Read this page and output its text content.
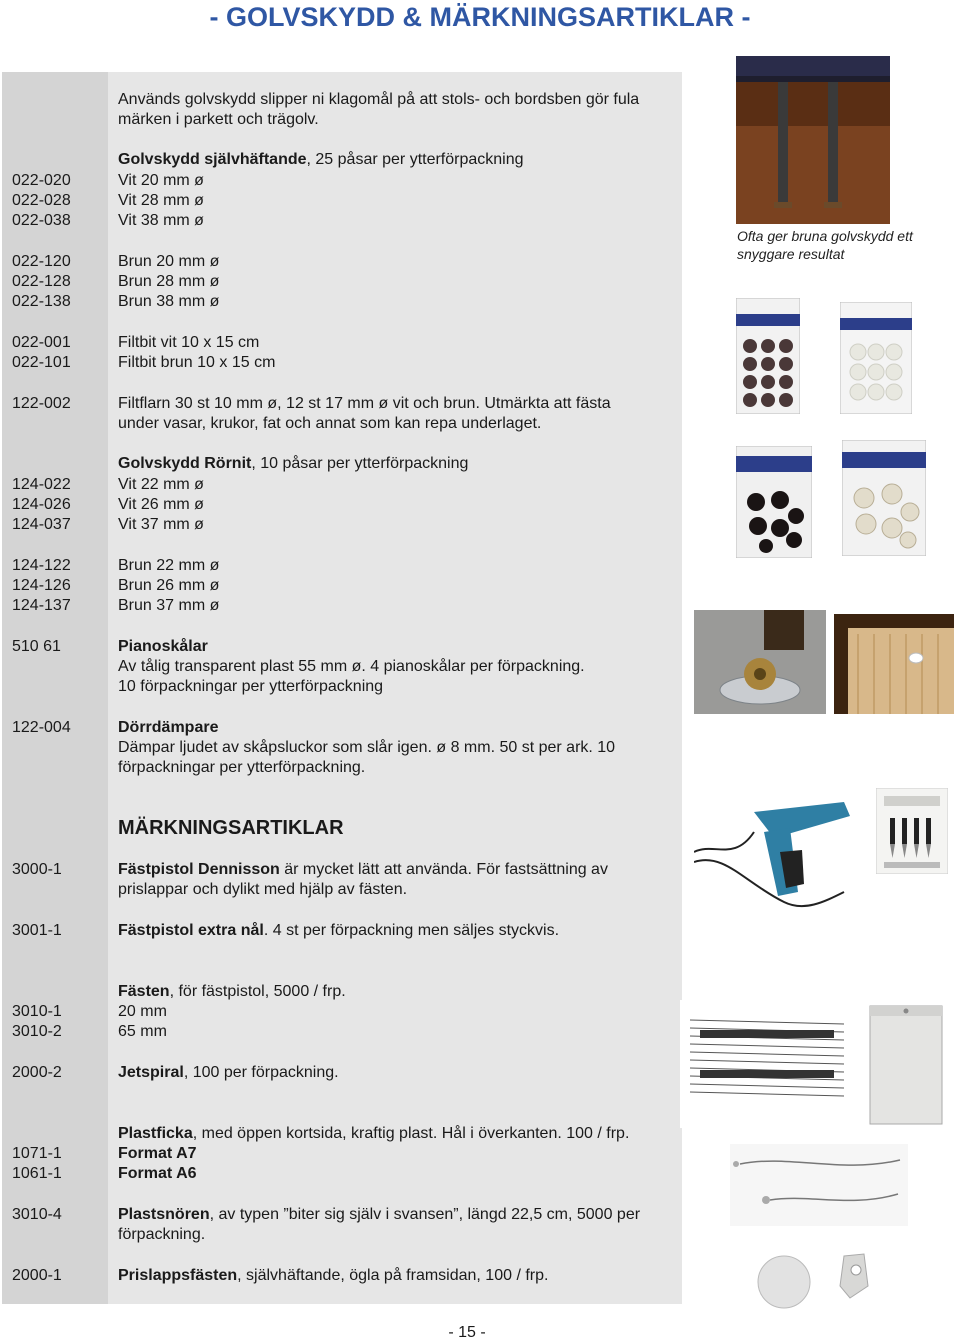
- GOLVSKYDD & MÄRKNINGSARTIKLAR -
Används golvskydd slipper ni klagomål på att stols- och bordsben gör fula
märken i parkett och trägolv.
Golvskydd självhäftande, 25 påsar per ytterförpackning
022-020	Vit 20 mm ø
022-028	Vit 28 mm ø
022-038	Vit 38 mm ø
022-120	Brun 20 mm ø
022-128	Brun 28 mm ø
022-138	Brun 38 mm ø
022-001	Filtbit vit 10 x 15 cm
022-101	Filtbit brun 10 x 15 cm
122-002	Filtflarn 30 st 10 mm ø, 12 st 17 mm ø vit och brun. Utmärkta att fästa
under vasar, krukor, fat och annat som kan repa underlaget.
Golvskydd Rörnit, 10 påsar per ytterförpackning
124-022	Vit 22 mm ø
124-026	Vit 26 mm ø
124-037	Vit 37 mm ø
124-122	Brun 22 mm ø
124-126	Brun 26 mm ø
124-137	Brun 37 mm ø
510 61	Pianoskålar
Av tålig transparent plast 55 mm ø. 4 pianoskålar per förpackning.
10 förpackningar per ytterförpackning
122-004	Dörrdämpare
Dämpar ljudet av skåpsluckor som slår igen. ø 8 mm. 50 st per ark. 10
förpackningar per ytterförpackning.
MÄRKNINGSARTIKLAR
3000-1	Fästpistol Dennisson är mycket lätt att använda. För fastsättning av
prislappar och dylikt med hjälp av fästen.
3001-1	Fästpistol extra nål. 4 st per förpackning men säljes styckvis.
Fästen, för fästpistol, 5000 / frp.
3010-1	20 mm
3010-2	65 mm
2000-2	Jetspiral, 100 per förpackning.
Plastficka, med öppen kortsida, kraftig plast. Hål i överkanten. 100 / frp.
1071-1	Format A7
1061-1	Format A6
3010-4	Plastsnören, av typen ”biter sig själv i svansen”, längd 22,5 cm, 5000 per
förpackning.
2000-1	Prislappsfästen, självhäftande, ögla på framsidan, 100 / frp.
Ofta ger bruna golvskydd ett snyggare resultat
- 15 -
